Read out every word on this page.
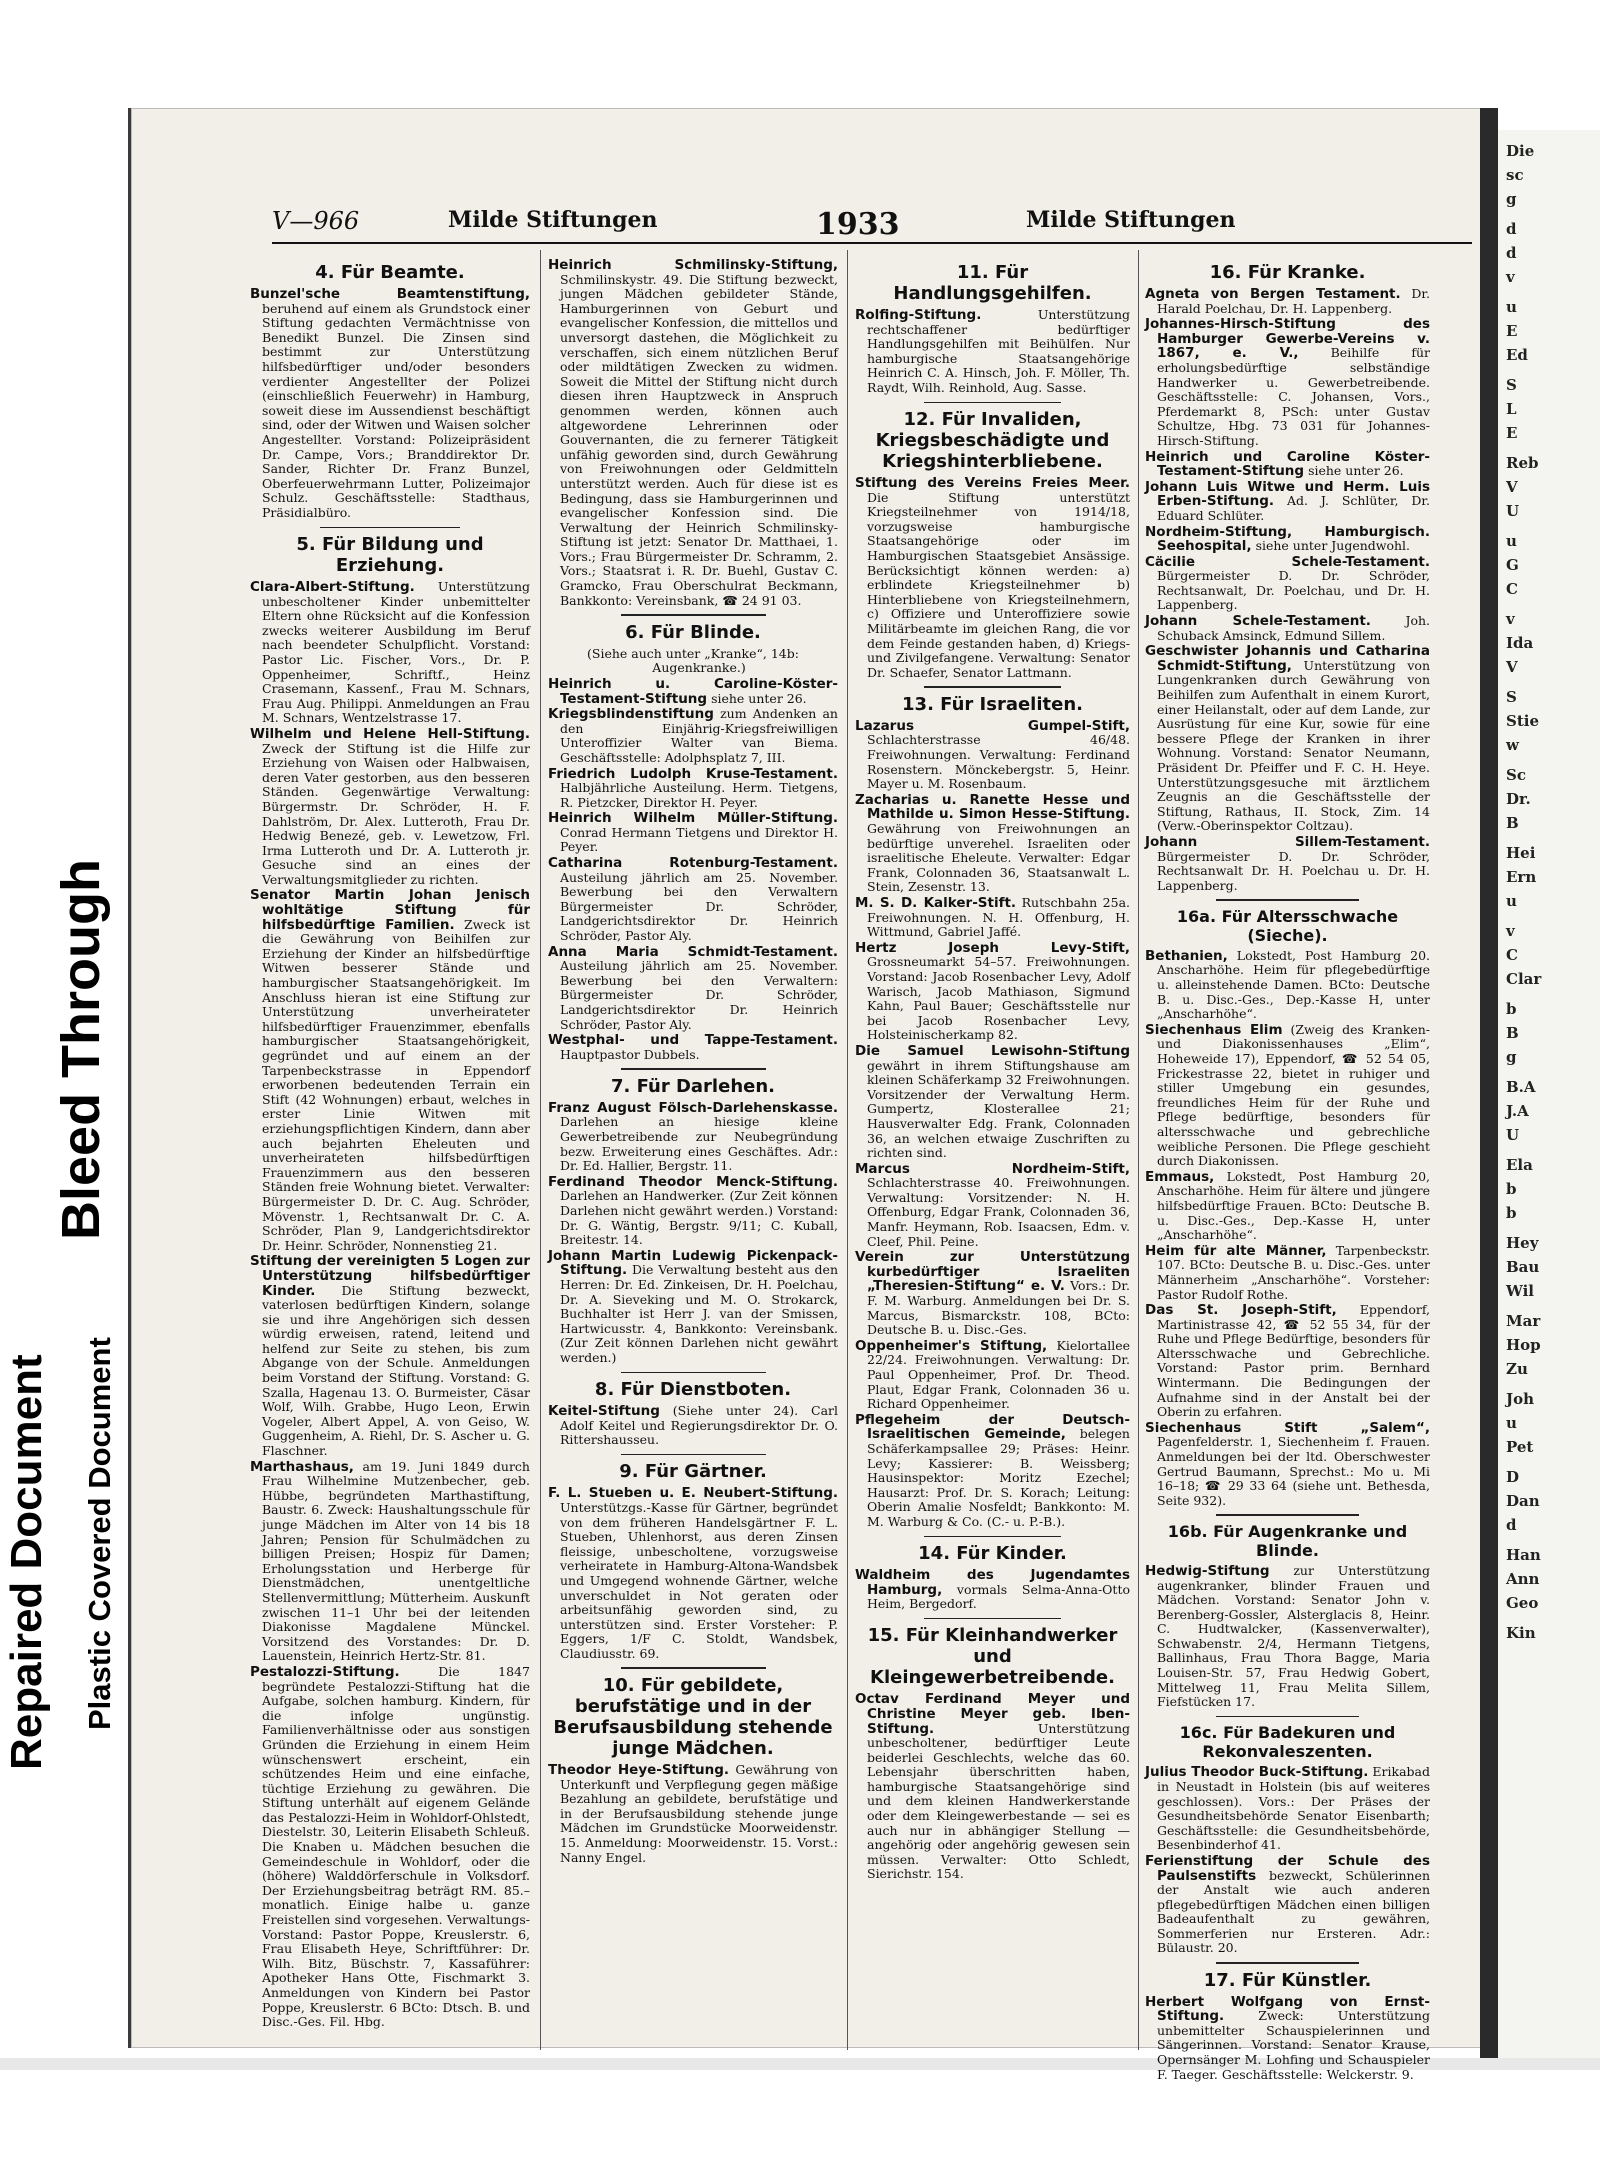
Die
sc
g
d
d
v
u
E
Ed
S
L
E
Reb
V
U
u
G
C
v
Ida
V
S
Stie
w
Sc
Dr.
B
Hei
Ern
u
v
C
Clar
b
B
g
B.A
J.A
U
Ela
b
b
Hey
Bau
Wil
Mar
Hop
Zu
Joh
u
Pet
D
Dan
d
Han
Ann
Geo
Kin
Repaired Document Plastic Covered Document
Bleed Through
V—966	Milde Stiftungen	1933	Milde Stiftungen
4. Für Beamte.
Bunzel'sche Beamtenstiftung, beruhend auf einem als Grundstock einer Stiftung gedachten Vermächtnisse von Benedikt Bunzel. Die Zinsen sind bestimmt zur Unterstützung hilfsbedürftiger und/oder besonders verdienter Angestellter der Polizei (einschließlich Feuerwehr) in Hamburg, soweit diese im Aussendienst beschäftigt sind, oder der Witwen und Waisen solcher Angestellter. Vorstand: Polizeipräsident Dr. Campe, Vors.; Branddirektor Dr. Sander, Richter Dr. Franz Bunzel, Oberfeuerwehrmann Lutter, Polizeimajor Schulz. Geschäftsstelle: Stadthaus, Präsidialbüro.
5. Für Bildung und Erziehung.
Clara-Albert-Stiftung. Unterstützung unbescholtener Kinder unbemittelter Eltern ohne Rücksicht auf die Konfession zwecks weiterer Ausbildung im Beruf nach beendeter Schulpflicht. Vorstand: Pastor Lic. Fischer, Vors., Dr. P. Oppenheimer, Schriftf., Heinz Crasemann, Kassenf., Frau M. Schnars, Frau Aug. Philippi. Anmeldungen an Frau M. Schnars, Wentzelstrasse 17.
Wilhelm und Helene Hell-Stiftung. Zweck der Stiftung ist die Hilfe zur Erziehung von Waisen oder Halbwaisen, deren Vater gestorben, aus den besseren Ständen. Gegenwärtige Verwaltung: Bürgermstr. Dr. Schröder, H. F. Dahlström, Dr. Alex. Lutteroth, Frau Dr. Hedwig Benezé, geb. v. Lewetzow, Frl. Irma Lutteroth und Dr. A. Lutteroth jr. Gesuche sind an eines der Verwaltungsmitglieder zu richten.
Senator Martin Johan Jenisch wohltätige Stiftung für hilfsbedürftige Familien. Zweck ist die Gewährung von Beihilfen zur Erziehung der Kinder an hilfsbedürftige Witwen besserer Stände und hamburgischer Staatsangehörigkeit. Im Anschluss hieran ist eine Stiftung zur Unterstützung unverheirateter hilfsbedürftiger Frauenzimmer, ebenfalls hamburgischer Staatsangehörigkeit, gegründet und auf einem an der Tarpenbeckstrasse in Eppendorf erworbenen bedeutenden Terrain ein Stift (42 Wohnungen) erbaut, welches in erster Linie Witwen mit erziehungspflichtigen Kindern, dann aber auch bejahrten Eheleuten und unverheirateten hilfsbedürftigen Frauenzimmern aus den besseren Ständen freie Wohnung bietet. Verwalter: Bürgermeister D. Dr. C. Aug. Schröder, Mövenstr. 1, Rechtsanwalt Dr. C. A. Schröder, Plan 9, Landgerichtsdirektor Dr. Heinr. Schröder, Nonnenstieg 21.
Stiftung der vereinigten 5 Logen zur Unterstützung hilfsbedürftiger Kinder. Die Stiftung bezweckt, vaterlosen bedürftigen Kindern, solange sie und ihre Angehörigen sich dessen würdig erweisen, ratend, leitend und helfend zur Seite zu stehen, bis zum Abgange von der Schule. Anmeldungen beim Vorstand der Stiftung. Vorstand: G. Szalla, Hagenau 13. O. Burmeister, Cäsar Wolf, Wilh. Grabbe, Hugo Leon, Erwin Vogeler, Albert Appel, A. von Geiso, W. Guggenheim, A. Riehl, Dr. S. Ascher u. G. Flaschner.
Marthashaus, am 19. Juni 1849 durch Frau Wilhelmine Mutzenbecher, geb. Hübbe, begründeten Marthastiftung, Baustr. 6. Zweck: Haushaltungsschule für junge Mädchen im Alter von 14 bis 18 Jahren; Pension für Schulmädchen zu billigen Preisen; Hospiz für Damen; Erholungsstation und Herberge für Dienstmädchen, unentgeltliche Stellenvermittlung; Mütterheim. Auskunft zwischen 11–1 Uhr bei der leitenden Diakonisse Magdalene Münckel. Vorsitzend des Vorstandes: Dr. D. Lauenstein, Heinrich Hertz-Str. 81.
Pestalozzi-Stiftung.	Die 1847 begründete Pestalozzi-Stiftung hat die Aufgabe, solchen hamburg. Kindern, für die infolge ungünstig. Familienverhältnisse oder aus sonstigen Gründen die Erziehung in einem Heim wünschenswert erscheint, ein schützendes Heim und eine einfache, tüchtige Erziehung zu gewähren. Die Stiftung unterhält auf eigenem Gelände das Pestalozzi-Heim in Wohldorf-Ohlstedt, Diestelstr. 30, Leiterin Elisabeth Schleuß. Die Knaben u. Mädchen besuchen die Gemeindeschule in Wohldorf, oder die (höhere) Walddörferschule in Volksdorf. Der Erziehungsbeitrag beträgt RM. 85.– monatlich. Einige halbe u. ganze Freistellen sind vorgesehen. Verwaltungs-Vorstand: Pastor Poppe, Kreuslerstr. 6, Frau Elisabeth Heye, Schriftführer: Dr. Wilh. Bitz, Büschstr. 7, Kassaführer: Apotheker Hans Otte, Fischmarkt 3. Anmeldungen von Kindern bei Pastor Poppe, Kreuslerstr. 6 BCto: Dtsch. B. und Disc.-Ges. Fil. Hbg.
Heinrich Schmilinsky-Stiftung, Schmilinskystr. 49. Die Stiftung bezweckt, jungen Mädchen gebildeter Stände, Hamburgerinnen von Geburt und evangelischer Konfession, die mittellos und unversorgt dastehen, die Möglichkeit zu verschaffen, sich einem nützlichen Beruf oder mildtätigen Zwecken zu widmen. Soweit die Mittel der Stiftung nicht durch diesen ihren Hauptzweck in Anspruch genommen werden, können auch altgewordene Lehrerinnen oder Gouvernanten, die zu fernerer Tätigkeit unfähig geworden sind, durch Gewährung von Freiwohnungen oder Geldmitteln unterstützt werden. Auch für diese ist es Bedingung, dass sie Hamburgerinnen und evangelischer Konfession sind. Die Verwaltung der Heinrich Schmilinsky-Stiftung ist jetzt: Senator Dr. Matthaei, 1. Vors.; Frau Bürgermeister Dr. Schramm, 2. Vors.; Staatsrat i. R. Dr. Buehl, Gustav C. Gramcko, Frau Oberschulrat Beckmann, Bankkonto: Vereinsbank, ☎ 24 91 03.
6. Für Blinde.
(Siehe auch unter „Kranke“, 14b: Augenkranke.)
Heinrich u. Caroline-Köster-Testament-Stiftung siehe unter 26.
Kriegsblindenstiftung zum Andenken an den Einjährig-Kriegsfreiwilligen Unteroffizier Walter van Biema. Geschäftsstelle: Adolphsplatz 7, III.
Friedrich Ludolph Kruse-Testament. Halbjährliche Austeilung. Herm. Tietgens, R. Pietzcker, Direktor H. Peyer.
Heinrich Wilhelm Müller-Stiftung. Conrad Hermann Tietgens und Direktor H. Peyer.
Catharina Rotenburg-Testament. Austeilung jährlich am 25. November. Bewerbung bei den Verwaltern Bürgermeister Dr. Schröder, Landgerichtsdirektor Dr. Heinrich Schröder, Pastor Aly.
Anna Maria Schmidt-Testament. Austeilung jährlich am 25. November. Bewerbung bei den Verwaltern: Bürgermeister Dr. Schröder, Landgerichtsdirektor Dr. Heinrich Schröder, Pastor Aly.
Westphal- und Tappe-Testament. Hauptpastor Dubbels.
7. Für Darlehen.
Franz August Fölsch-Darlehenskasse. Darlehen an hiesige kleine Gewerbetreibende zur Neubegründung bezw. Erweiterung eines Geschäftes. Adr.: Dr. Ed. Hallier, Bergstr. 11.
Ferdinand Theodor Menck-Stiftung. Darlehen an Handwerker. (Zur Zeit können Darlehen nicht gewährt werden.) Vorstand: Dr. G. Wäntig, Bergstr. 9/11; C. Kuball, Breitestr. 14.
Johann Martin Ludewig Pickenpack-Stiftung. Die Verwaltung besteht aus den Herren: Dr. Ed. Zinkeisen, Dr. H. Poelchau, Dr. A. Sieveking und M. O. Strokarck, Buchhalter ist Herr J. van der Smissen, Hartwicusstr. 4, Bankkonto: Vereinsbank. (Zur Zeit können Darlehen nicht gewährt werden.)
8. Für Dienstboten.
Keitel-Stiftung (Siehe unter 24). Carl Adolf Keitel und Regierungsdirektor Dr. O. Rittershausseu.
9. Für Gärtner.
F. L. Stueben u. E. Neubert-Stiftung. Unterstützgs.-Kasse für Gärtner, begründet von dem früheren Handelsgärtner F. L. Stueben, Uhlenhorst, aus deren Zinsen fleissige, unbescholtene, vorzugsweise verheiratete in Hamburg-Altona-Wandsbek und Umgegend wohnende Gärtner, welche unverschuldet in Not geraten oder arbeitsunfähig geworden sind, zu unterstützen sind. Erster Vorsteher: P. Eggers, 1/F C. Stoldt, Wandsbek, Claudiusstr. 69.
10. Für gebildete, berufstätige und in der Berufsausbildung stehende junge Mädchen.
Theodor Heye-Stiftung. Gewährung von Unterkunft und Verpflegung gegen mäßige Bezahlung an gebildete, berufstätige und in der Berufsausbildung stehende junge Mädchen im Grundstücke Moorweidenstr. 15. Anmeldung: Moorweidenstr. 15. Vorst.: Nanny Engel.
11. Für Handlungsgehilfen.
Rolfing-Stiftung.	Unterstützung rechtschaffener bedürftiger Handlungsgehilfen mit Beihülfen. Nur hamburgische Staatsangehörige Heinrich C. A. Hinsch, Joh. F. Möller, Th. Raydt, Wilh. Reinhold, Aug. Sasse.
12. Für Invaliden, Kriegsbeschädigte und Kriegshinterbliebene.
Stiftung des Vereins Freies Meer. Die Stiftung unterstützt Kriegsteilnehmer von 1914/18, vorzugsweise hamburgische Staatsangehörige oder im Hamburgischen Staatsgebiet Ansässige. Berücksichtigt können werden: a) erblindete Kriegsteilnehmer b) Hinterbliebene von Kriegsteilnehmern, c) Offiziere und Unteroffiziere sowie Militärbeamte im gleichen Rang, die vor dem Feinde gestanden haben, d) Kriegs- und Zivilgefangene. Verwaltung: Senator Dr. Schaefer, Senator Lattmann.
13. Für Israeliten.
Lazarus Gumpel-Stift, Schlachterstrasse 46/48. Freiwohnungen. Verwaltung: Ferdinand Rosenstern. Mönckebergstr. 5, Heinr. Mayer u. M. Rosenbaum.
Zacharias u. Ranette Hesse und Mathilde u. Simon Hesse-Stiftung. Gewährung von Freiwohnungen an bedürftige unverehel. Israeliten oder israelitische Eheleute. Verwalter: Edgar Frank, Colonnaden 36, Staatsanwalt L. Stein, Zesenstr. 13.
M. S. D. Kalker-Stift. Rutschbahn 25a. Freiwohnungen. N. H. Offenburg, H. Wittmund, Gabriel Jaffé.
Hertz Joseph Levy-Stift, Grossneumarkt 54–57. Freiwohnungen. Vorstand: Jacob Rosenbacher Levy, Adolf Warisch, Jacob Mathiason, Sigmund Kahn, Paul Bauer; Geschäftsstelle nur bei Jacob Rosenbacher Levy, Holsteinischerkamp 82.
Die Samuel Lewisohn-Stiftung gewährt in ihrem Stiftungshause am kleinen Schäferkamp 32 Freiwohnungen. Vorsitzender der Verwaltung Herm. Gumpertz, Klosterallee 21; Hausverwalter Edg. Frank, Colonnaden 36, an welchen etwaige Zuschriften zu richten sind.
Marcus Nordheim-Stift, Schlachterstrasse 40. Freiwohnungen. Verwaltung: Vorsitzender: N. H. Offenburg, Edgar Frank, Colonnaden 36, Manfr. Heymann, Rob. Isaacsen, Edm. v. Cleef, Phil. Peine.
Verein zur Unterstützung kurbedürftiger Israeliten „Theresien-Stiftung“ e. V. Vors.: Dr. F. M. Warburg. Anmeldungen bei Dr. S. Marcus, Bismarckstr. 108, BCto: Deutsche B. u. Disc.-Ges.
Oppenheimer's Stiftung, Kielortallee 22/24. Freiwohnungen. Verwaltung: Dr. Paul Oppenheimer, Prof. Dr. Theod. Plaut, Edgar Frank, Colonnaden 36 u. Richard Oppenheimer.
Pflegeheim der Deutsch-Israelitischen Gemeinde, belegen Schäferkampsallee 29; Präses: Heinr. Levy; Kassierer: B. Weissberg; Hausinspektor: Moritz Ezechel; Hausarzt: Prof. Dr. S. Korach; Leitung: Oberin Amalie Nosfeldt; Bankkonto: M. M. Warburg & Co. (C.- u. P.-B.).
14. Für Kinder.
Waldheim des Jugendamtes Hamburg, vormals Selma-Anna-Otto Heim, Bergedorf.
15. Für Kleinhandwerker und Kleingewerbetreibende.
Octav Ferdinand Meyer und Christine Meyer geb. Iben-Stiftung.	Unterstützung unbescholtener, bedürftiger Leute beiderlei Geschlechts, welche das 60. Lebensjahr überschritten haben, hamburgische Staatsangehörige sind und dem kleinen Handwerkerstande oder dem Kleingewerbestande — sei es auch nur in abhängiger Stellung — angehörig oder angehörig gewesen sein müssen. Verwalter: Otto Schledt, Sierichstr. 154.
16. Für Kranke.
Agneta von Bergen Testament. Dr. Harald Poelchau, Dr. H. Lappenberg.
Johannes-Hirsch-Stiftung des Hamburger Gewerbe-Vereins v. 1867, e. V.,	Beihilfe für erholungsbedürftige selbständige Handwerker u. Gewerbetreibende. Geschäftsstelle: C. Johansen, Vors., Pferdemarkt 8, PSch: unter Gustav Schultze, Hbg. 73 031 für Johannes-Hirsch-Stiftung.
Heinrich und Caroline Köster-Testament-Stiftung siehe unter 26.
Johann Luis Witwe und Herm. Luis Erben-Stiftung. Ad. J. Schlüter, Dr. Eduard Schlüter.
Nordheim-Stiftung, Hamburgisch. Seehospital, siehe unter Jugendwohl.
Cäcilie Schele-Testament. Bürgermeister D. Dr. Schröder, Rechtsanwalt, Dr. Poelchau, und Dr. H. Lappenberg.
Johann Schele-Testament.	Joh. Schuback Amsinck, Edmund Sillem.
Geschwister Johannis und Catharina Schmidt-Stiftung, Unterstützung von Lungenkranken durch Gewährung von Beihilfen zum Aufenthalt in einem Kurort, einer Heilanstalt, oder auf dem Lande, zur Ausrüstung für eine Kur, sowie für eine bessere Pflege der Kranken in ihrer Wohnung. Vorstand: Senator Neumann, Präsident Dr. Pfeiffer und F. C. H. Heye. Unterstützungsgesuche mit ärztlichem Zeugnis an die Geschäftsstelle der Stiftung, Rathaus, II. Stock, Zim. 14 (Verw.-Oberinspektor Coltzau).
Johann Sillem-Testament. Bürgermeister D. Dr. Schröder, Rechtsanwalt Dr. H. Poelchau u. Dr. H. Lappenberg.
16a. Für Altersschwache (Sieche).
Bethanien, Lokstedt, Post Hamburg 20. Anscharhöhe. Heim für pflegebedürftige u. alleinstehende Damen. BCto: Deutsche B. u. Disc.-Ges., Dep.-Kasse H, unter „Anscharhöhe“.
Siechenhaus Elim (Zweig des Kranken- und Diakonissenhauses „Elim“, Hoheweide 17), Eppendorf, ☎ 52 54 05, Frickestrasse 22, bietet in ruhiger und stiller Umgebung ein gesundes, freundliches Heim für der Ruhe und Pflege bedürftige, besonders für altersschwache und gebrechliche weibliche Personen. Die Pflege geschieht durch Diakonissen.
Emmaus, Lokstedt, Post Hamburg 20, Anscharhöhe. Heim für ältere und jüngere hilfsbedürftige Frauen. BCto: Deutsche B. u. Disc.-Ges., Dep.-Kasse H, unter „Anscharhöhe“.
Heim für alte Männer, Tarpenbeckstr. 107. BCto: Deutsche B. u. Disc.-Ges. unter Männerheim „Anscharhöhe“. Vorsteher: Pastor Rudolf Rothe.
Das St. Joseph-Stift, Eppendorf, Martinistrasse 42, ☎ 52 55 34, für der Ruhe und Pflege Bedürftige, besonders für Altersschwache und Gebrechliche. Vorstand: Pastor prim. Bernhard Wintermann. Die Bedingungen der Aufnahme sind in der Anstalt bei der Oberin zu erfahren.
Siechenhaus Stift „Salem“, Pagenfelderstr. 1, Siechenheim f. Frauen. Anmeldungen bei der ltd. Oberschwester Gertrud Baumann, Sprechst.: Mo u. Mi 16–18; ☎ 29 33 64 (siehe unt. Bethesda, Seite 932).
16b. Für Augenkranke und Blinde.
Hedwig-Stiftung zur Unterstützung augenkranker, blinder Frauen und Mädchen. Vorstand: Senator John v. Berenberg-Gossler, Alsterglacis 8, Heinr. C. Hudtwalcker, (Kassenverwalter), Schwabenstr. 2/4, Hermann Tietgens, Ballinhaus, Frau Thora Bagge, Maria Louisen-Str. 57, Frau Hedwig Gobert, Mittelweg 11, Frau Melita Sillem, Fiefstücken 17.
16c. Für Badekuren und Rekonvaleszenten.
Julius Theodor Buck-Stiftung. Erikabad in Neustadt in Holstein (bis auf weiteres geschlossen). Vors.: Der Präses der Gesundheitsbehörde Senator Eisenbarth; Geschäftsstelle: die Gesundheitsbehörde, Besenbinderhof 41.
Ferienstiftung der Schule des Paulsenstifts bezweckt, Schülerinnen der Anstalt wie auch anderen pflegebedürftigen Mädchen einen billigen Badeaufenthalt zu gewähren, Sommerferien nur Ersteren. Adr.: Bülaustr. 20.
17. Für Künstler.
Herbert Wolfgang von Ernst-Stiftung.	Zweck: Unterstützung unbemittelter Schauspielerinnen und Sängerinnen. Vorstand: Senator Krause, Opernsänger M. Lohfing und Schauspieler F. Taeger. Geschäftsstelle: Welckerstr. 9.
